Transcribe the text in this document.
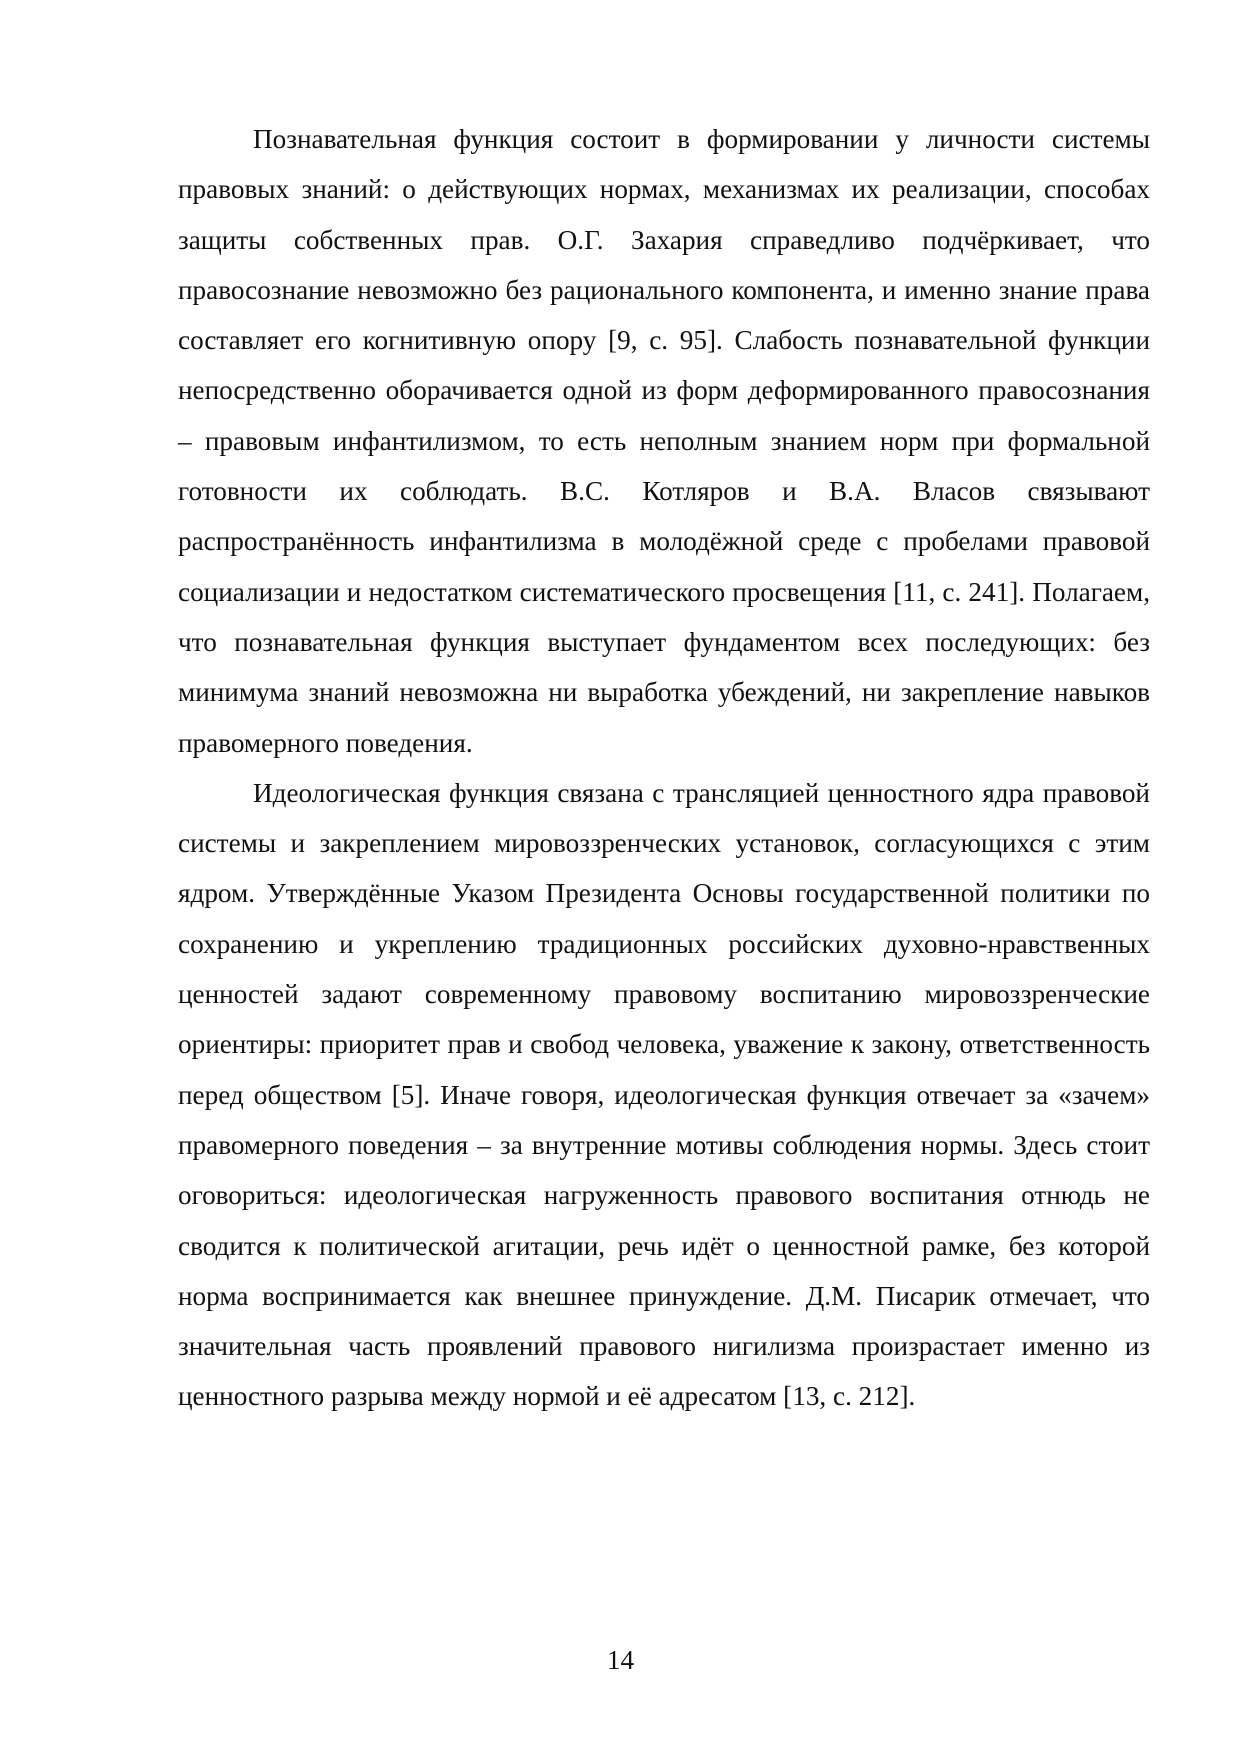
Познавательная функция состоит в формировании у личности системы правовых знаний: о действующих нормах, механизмах их реализации, способах защиты собственных прав. О.Г. Захария справедливо подчёркивает, что правосознание невозможно без рационального компонента, и именно знание права составляет его когнитивную опору [9, с. 95]. Слабость познавательной функции непосредственно оборачивается одной из форм деформированного правосознания – правовым инфантилизмом, то есть неполным знанием норм при формальной готовности их соблюдать. В.С. Котляров и В.А. Власов связывают распространённость инфантилизма в молодёжной среде с пробелами правовой социализации и недостатком систематического просвещения [11, с. 241]. Полагаем, что познавательная функция выступает фундаментом всех последующих: без минимума знаний невозможна ни выработка убеждений, ни закрепление навыков правомерного поведения.

Идеологическая функция связана с трансляцией ценностного ядра правовой системы и закреплением мировоззренческих установок, согласующихся с этим ядром. Утверждённые Указом Президента Основы государственной политики по сохранению и укреплению традиционных российских духовно-нравственных ценностей задают современному правовому воспитанию мировоззренческие ориентиры: приоритет прав и свобод человека, уважение к закону, ответственность перед обществом [5]. Иначе говоря, идеологическая функция отвечает за «зачем» правомерного поведения – за внутренние мотивы соблюдения нормы. Здесь стоит оговориться: идеологическая нагруженность правового воспитания отнюдь не сводится к политической агитации, речь идёт о ценностной рамке, без которой норма воспринимается как внешнее принуждение. Д.М. Писарик отмечает, что значительная часть проявлений правового нигилизма произрастает именно из ценностного разрыва между нормой и её адресатом [13, с. 212].

14
